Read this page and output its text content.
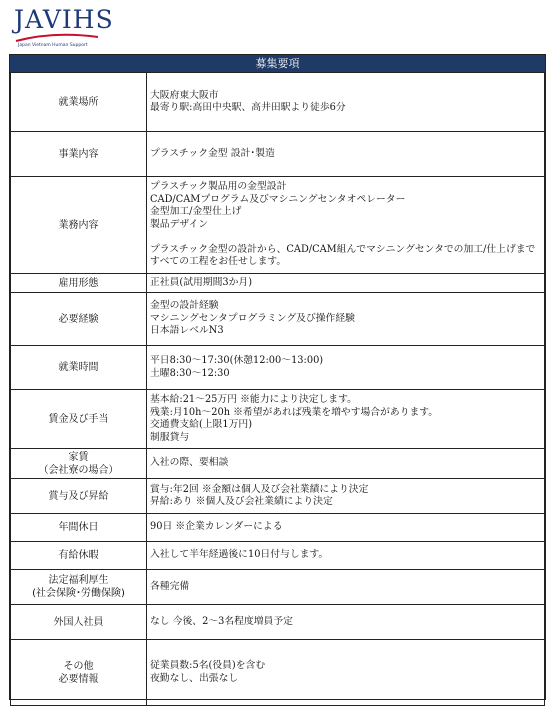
JAVIHS
Japan Vietnam Human Support
募集要項
就業場所	大阪府東大阪市
最寄り駅:高田中央駅、高井田駅より徒歩6分
事業内容	プラスチック金型 設計･製造
業務内容	プラスチック製品用の金型設計
CAD/CAMプログラム及びマシニングセンタオペレーター
金型加工/金型仕上げ
製品デザイン

プラスチック金型の設計から、CAD/CAM組んでマシニングセンタでの加工/仕上げまですべての工程をお任せします。
雇用形態	正社員(試用期間3か月)
必要経験	金型の設計経験
マシニングセンタプログラミング及び操作経験
日本語レベルN3
就業時間	平日8:30～17:30(休憩12:00～13:00)
土曜8:30～12:30
賃金及び手当	基本給:21～25万円 ※能力により決定します。
残業:月10h～20h ※希望があれば残業を増やす場合があります。
交通費支給(上限1万円)
制服貸与
家賃
（会社寮の場合）	入社の際、要相談
賞与及び昇給	賞与:年2回 ※金額は個人及び会社業績により決定
昇給:あり ※個人及び会社業績により決定
年間休日	90日 ※企業カレンダーによる
有給休暇	入社して半年経過後に10日付与します。
法定福利厚生
(社会保険･労働保険)	各種完備
外国人社員	なし 今後、2～3名程度増員予定
その他
必要情報	従業員数:5名(役員)を含む
夜勤なし、出張なし
